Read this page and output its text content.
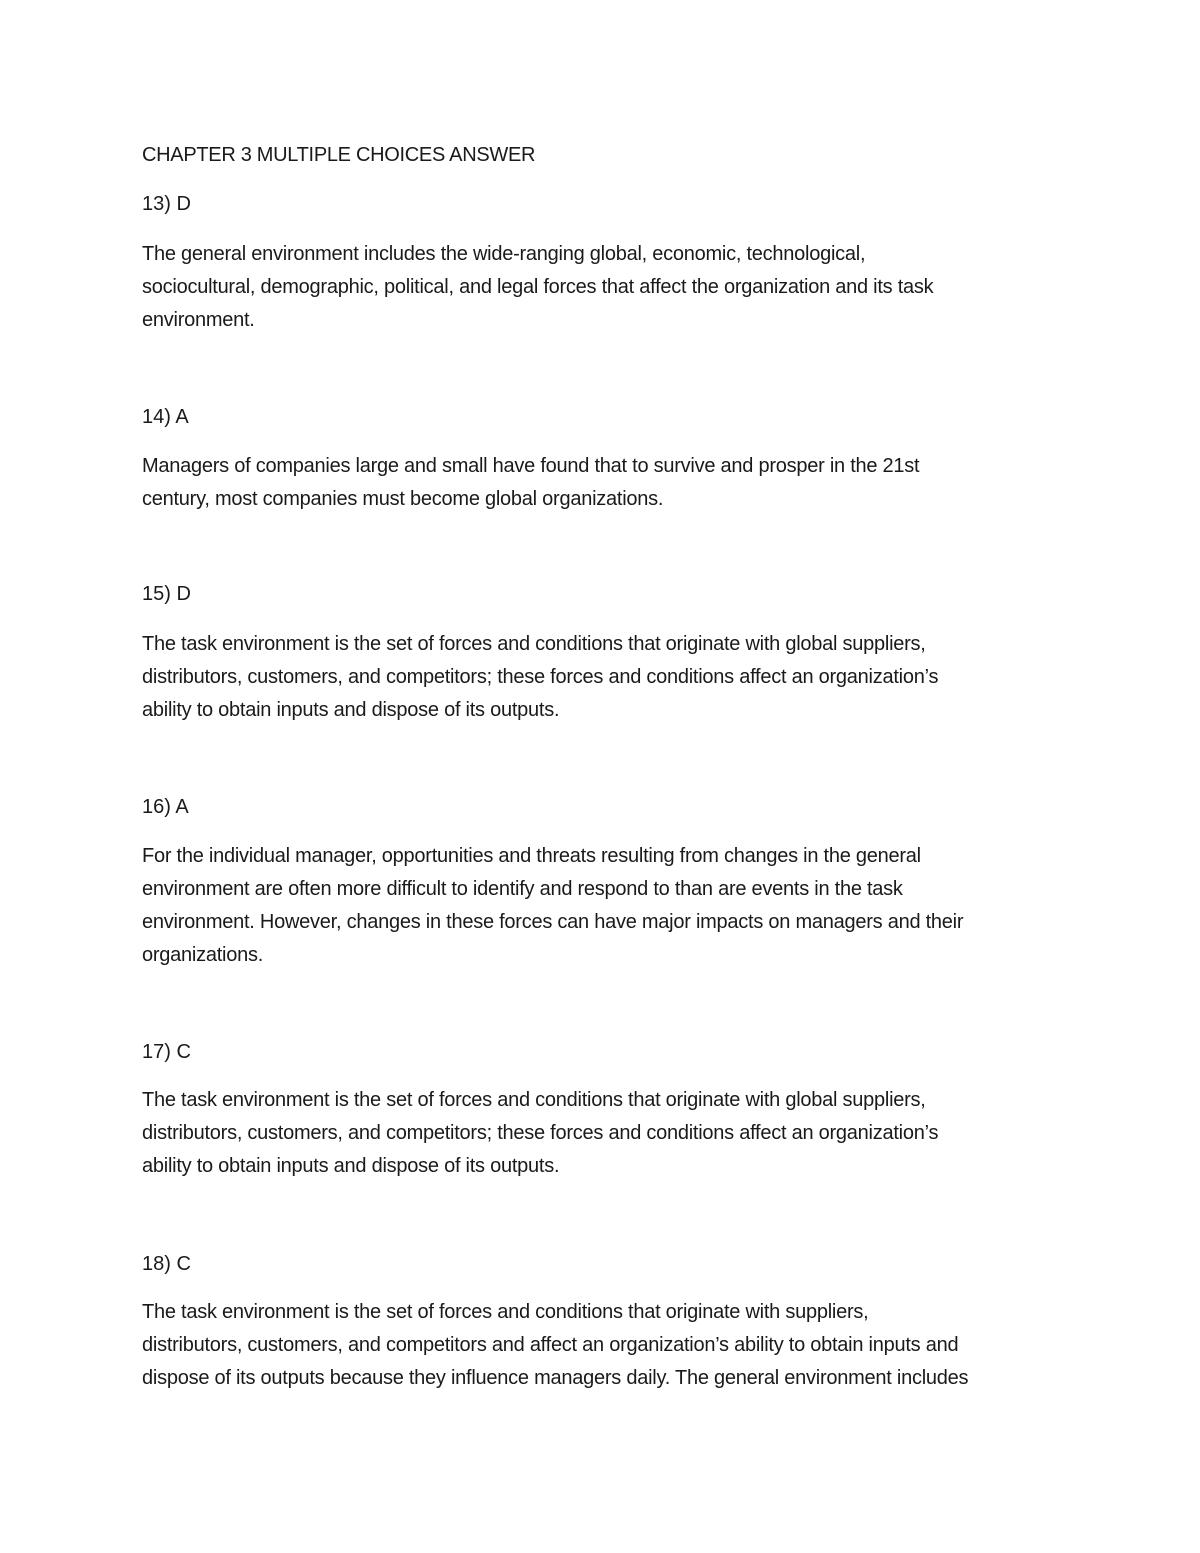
CHAPTER 3 MULTIPLE CHOICES ANSWER
13) D

The general environment includes the wide-ranging global, economic, technological,
sociocultural, demographic, political, and legal forces that affect the organization and its task
environment.

14) A

Managers of companies large and small have found that to survive and prosper in the 21st
century, most companies must become global organizations.

15) D

The task environment is the set of forces and conditions that originate with global suppliers,
distributors, customers, and competitors; these forces and conditions affect an organization’s
ability to obtain inputs and dispose of its outputs.

16) A

For the individual manager, opportunities and threats resulting from changes in the general
environment are often more difficult to identify and respond to than are events in the task
environment. However, changes in these forces can have major impacts on managers and their
organizations.

17) C

The task environment is the set of forces and conditions that originate with global suppliers,
distributors, customers, and competitors; these forces and conditions affect an organization’s
ability to obtain inputs and dispose of its outputs.

18) C

The task environment is the set of forces and conditions that originate with suppliers,
distributors, customers, and competitors and affect an organization’s ability to obtain inputs and
dispose of its outputs because they influence managers daily. The general environment includes
